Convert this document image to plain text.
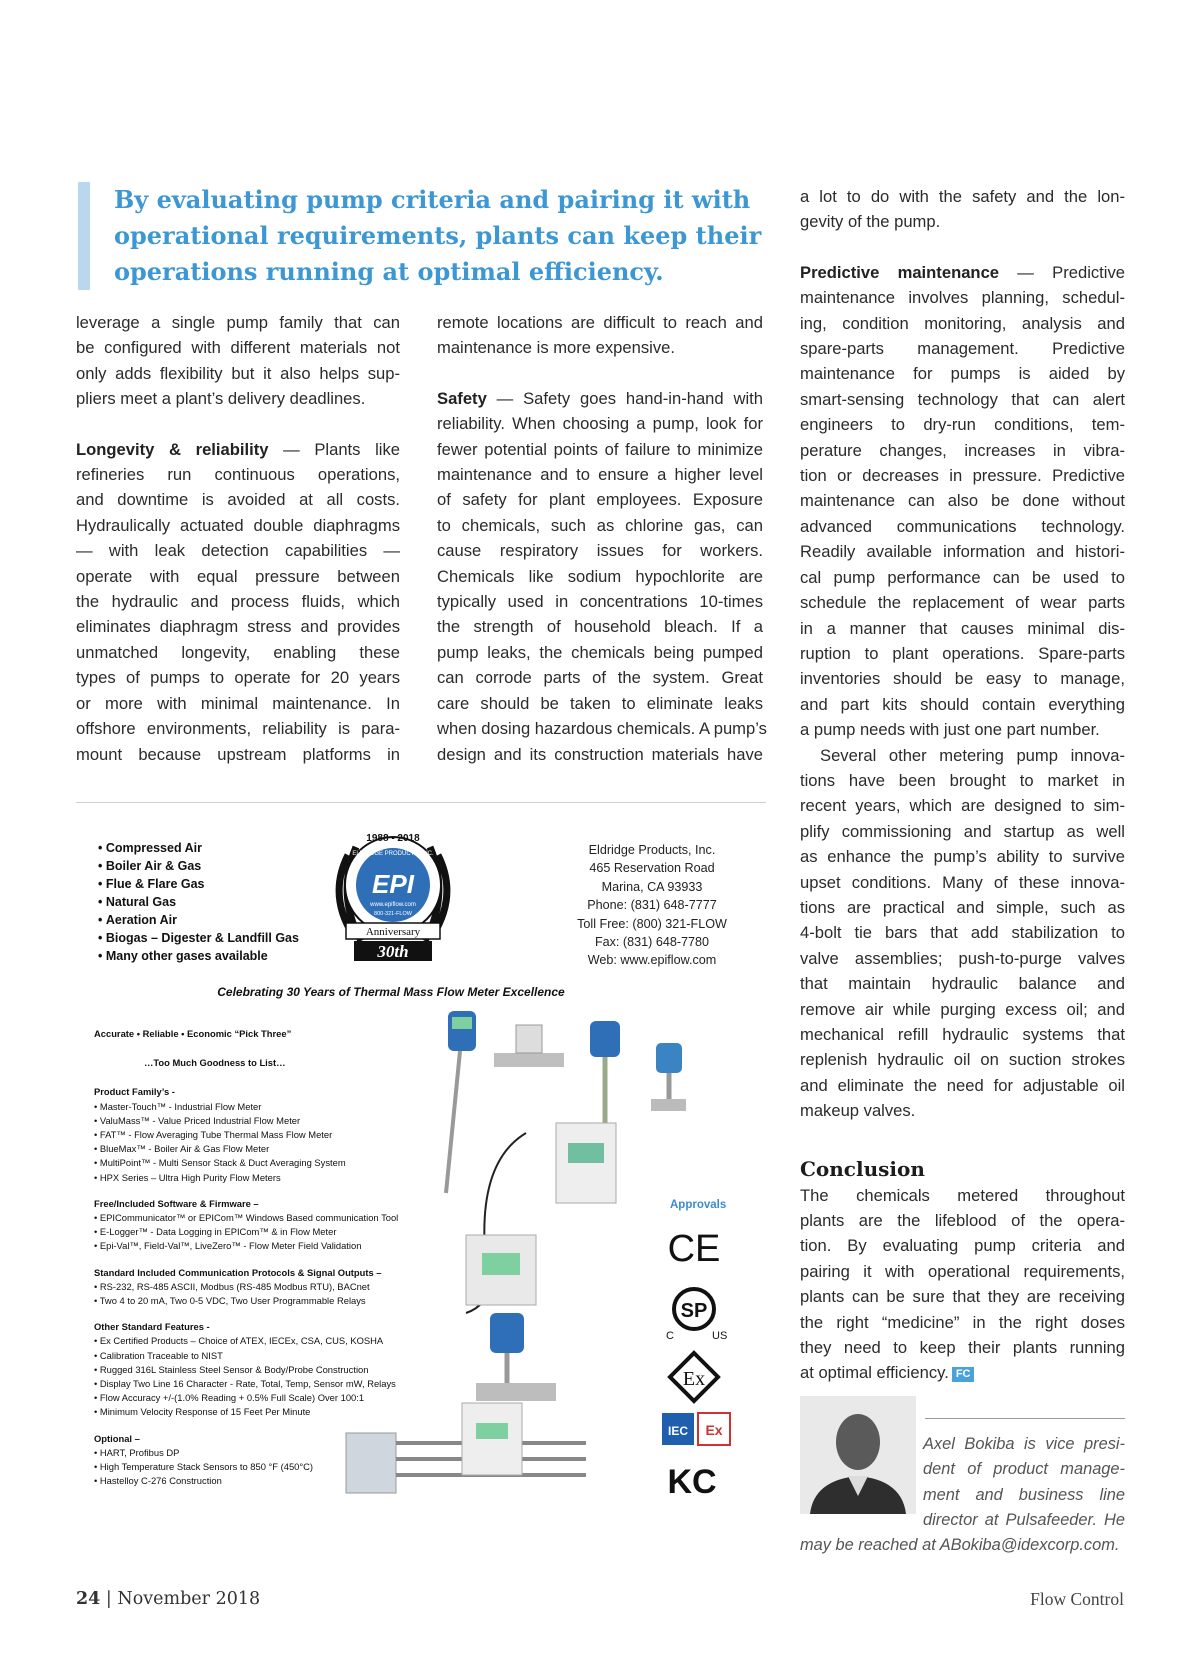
By evaluating pump criteria and pairing it with
operational requirements, plants can keep their
operations running at optimal efficiency.
leverage a single pump family that can
be configured with different materials not
only adds flexibility but it also helps sup-
pliers meet a plant’s delivery deadlines.
Longevity & reliability — Plants like
refineries run continuous operations,
and downtime is avoided at all costs.
Hydraulically actuated double diaphragms
— with leak detection capabilities —
operate with equal pressure between
the hydraulic and process fluids, which
eliminates diaphragm stress and provides
unmatched longevity, enabling these
types of pumps to operate for 20 years
or more with minimal maintenance. In
offshore environments, reliability is para-
mount because upstream platforms in
remote locations are difficult to reach and
maintenance is more expensive.
Safety — Safety goes hand-in-hand with
reliability. When choosing a pump, look for
fewer potential points of failure to minimize
maintenance and to ensure a higher level
of safety for plant employees. Exposure
to chemicals, such as chlorine gas, can
cause respiratory issues for workers.
Chemicals like sodium hypochlorite are
typically used in concentrations 10-times
the strength of household bleach. If a
pump leaks, the chemicals being pumped
can corrode parts of the system. Great
care should be taken to eliminate leaks
when dosing hazardous chemicals. A pump’s
design and its construction materials have
a lot to do with the safety and the lon-
gevity of the pump.
Predictive maintenance — Predictive
maintenance involves planning, schedul-
ing, condition monitoring, analysis and
spare-parts management. Predictive
maintenance for pumps is aided by
smart-sensing technology that can alert
engineers to dry-run conditions, tem-
perature changes, increases in vibra-
tion or decreases in pressure. Predictive
maintenance can also be done without
advanced communications technology.
Readily available information and histori-
cal pump performance can be used to
schedule the replacement of wear parts
in a manner that causes minimal dis-
ruption to plant operations. Spare-parts
inventories should be easy to manage,
and part kits should contain everything
a pump needs with just one part number.
Several other metering pump innova-
tions have been brought to market in
recent years, which are designed to sim-
plify commissioning and startup as well
as enhance the pump’s ability to survive
upset conditions. Many of these innova-
tions are practical and simple, such as
4-bolt tie bars that add stabilization to
valve assemblies; push-to-purge valves
that maintain hydraulic balance and
remove air while purging excess oil; and
mechanical refill hydraulic systems that
replenish hydraulic oil on suction strokes
and eliminate the need for adjustable oil
makeup valves.
Conclusion
The chemicals metered throughout
plants are the lifeblood of the opera-
tion. By evaluating pump criteria and
pairing it with operational requirements,
plants can be sure that they are receiving
the right “medicine” in the right doses
they need to keep their plants running
at optimal efficiency. FC
• Compressed Air
• Boiler Air & Gas
• Flue & Flare Gas
• Natural Gas
• Aeration Air
• Biogas – Digester & Landfill Gas
• Many other gases available
1988 - 2018
ELDRIDGE PRODUCTS, INC.
EPI
www.epiflow.com
800-321-FLOW
Anniversary
30th
Eldridge Products, Inc.
465 Reservation Road
Marina, CA 93933
Phone: (831) 648-7777
Toll Free: (800) 321-FLOW
Fax: (831) 648-7780
Web: www.epiflow.com
Celebrating 30 Years of Thermal Mass Flow Meter Excellence
Accurate • Reliable • Economic “Pick Three”
…Too Much Goodness to List…
Product Family’s -
• Master-Touch™ - Industrial Flow Meter
• ValuMass™ - Value Priced Industrial Flow Meter
• FAT™ - Flow Averaging Tube Thermal Mass Flow Meter
• BlueMax™ - Boiler Air & Gas Flow Meter
• MultiPoint™ - Multi Sensor Stack & Duct Averaging System
• HPX Series – Ultra High Purity Flow Meters
Free/Included Software & Firmware –
• EPICommunicator™ or EPICom™ Windows Based communication Tool
• E-Logger™ - Data Logging in EPICom™ & in Flow Meter
• Epi-Val™, Field-Val™, LiveZero™ - Flow Meter Field Validation
Standard Included Communication Protocols & Signal Outputs –
• RS-232, RS-485 ASCII, Modbus (RS-485 Modbus RTU), BACnet
• Two 4 to 20 mA, Two 0-5 VDC, Two User Programmable Relays
Other Standard Features -
• Ex Certified Products – Choice of ATEX, IECEx, CSA, CUS, KOSHA
• Calibration Traceable to NIST
• Rugged 316L Stainless Steel Sensor & Body/Probe Construction
• Display Two Line 16 Character - Rate, Total, Temp, Sensor mW, Relays
• Flow Accuracy +/-(1.0% Reading + 0.5% Full Scale) Over 100:1
• Minimum Velocity Response of 15 Feet Per Minute
Optional –
• HART, Profibus DP
• High Temperature Stack Sensors to 850 °F (450°C)
• Hastelloy C-276 Construction
Approvals
CE
SP
C	US
Ex
IEC Ex
KC
Axel Bokiba is vice presi-
dent of product manage-
ment and business line
director at Pulsafeeder. He
may be reached at ABokiba@idexcorp.com.
24 | November 2018	Flow Control
